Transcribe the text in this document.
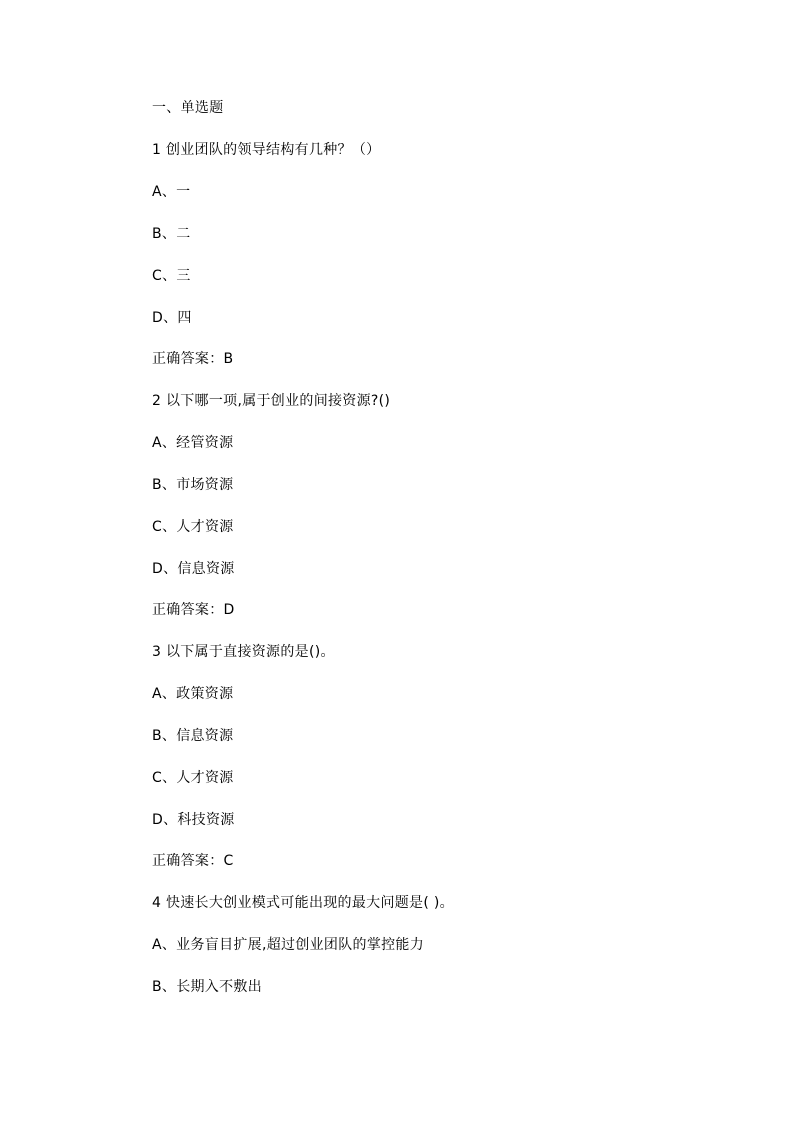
一、单选题
1 创业团队的领导结构有几种？（）
A、一
B、二
C、三
D、四
正确答案：B
2 以下哪一项,属于创业的间接资源?()
A、经管资源
B、市场资源
C、人才资源
D、信息资源
正确答案：D
3 以下属于直接资源的是()。
A、政策资源
B、信息资源
C、人才资源
D、科技资源
正确答案：C
4 快速长大创业模式可能出现的最大问题是( )。
A、业务盲目扩展,超过创业团队的掌控能力
B、长期入不敷出
